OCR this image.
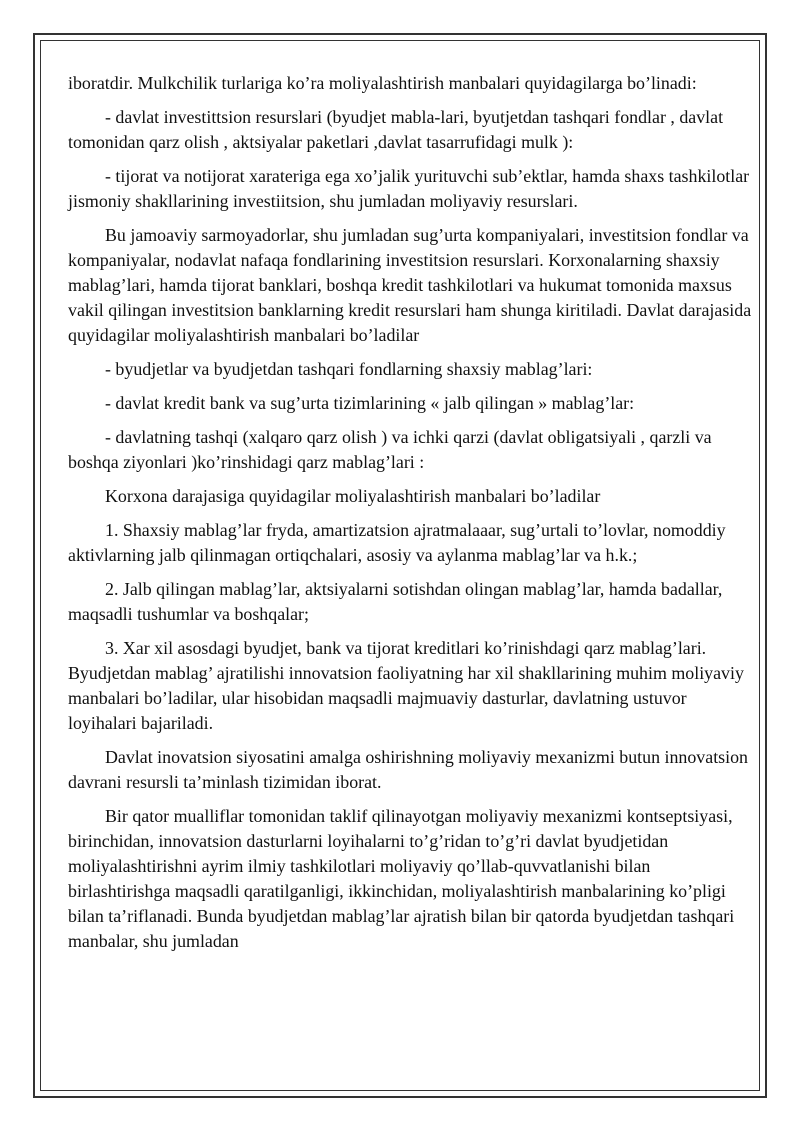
iboratdir. Mulkchilik turlariga ko’ra moliyalashtirish manbalari quyidagilarga bo’linadi:

- davlat investittsion resurslari (byudjet mabla-lari, byutjetdan tashqari fondlar , davlat tomonidan qarz olish , aktsiyalar paketlari ,davlat tasarrufidagi mulk ):

- tijorat va notijorat xarateriga ega xo’jalik yurituvchi sub’ektlar, hamda shaxs tashkilotlar jismoniy shakllarining investiitsion, shu jumladan moliyaviy resurslari.

Bu jamoaviy sarmoyadorlar, shu jumladan sug’urta kompaniyalari, investitsion fondlar va kompaniyalar, nodavlat nafaqa fondlarining investitsion resurslari. Korxonalarning shaxsiy mablag’lari, hamda tijorat banklari, boshqa kredit tashkilotlari va hukumat tomonida maxsus vakil qilingan investitsion banklarning kredit resurslari ham shunga kiritiladi. Davlat darajasida quyidagilar moliyalashtirish manbalari bo’ladilar

- byudjetlar va byudjetdan tashqari fondlarning shaxsiy mablag’lari:

- davlat kredit bank va sug’urta tizimlarining « jalb qilingan » mablag’lar:

- davlatning tashqi (xalqaro qarz olish ) va ichki qarzi (davlat obligatsiyali , qarzli va boshqa ziyonlari )ko’rinshidagi qarz mablag’lari :

Korxona darajasiga quyidagilar moliyalashtirish manbalari bo’ladilar

1. Shaxsiy mablag’lar fryda, amartizatsion ajratmalaaar, sug’urtali to’lovlar, nomoddiy aktivlarning jalb qilinmagan ortiqchalari, asosiy va aylanma mablag’lar va h.k.;

2. Jalb qilingan mablag’lar, aktsiyalarni sotishdan olingan mablag’lar, hamda badallar, maqsadli tushumlar va boshqalar;

3. Xar xil asosdagi byudjet, bank va tijorat kreditlari ko’rinishdagi qarz mablag’lari. Byudjetdan mablag’ ajratilishi innovatsion faoliyatning har xil shakllarining muhim moliyaviy manbalari bo’ladilar, ular hisobidan maqsadli majmuaviy dasturlar, davlatning ustuvor loyihalari bajariladi.

Davlat inovatsion siyosatini amalga oshirishning moliyaviy mexanizmi butun innovatsion davrani resursli ta’minlash tizimidan iborat.

Bir qator mualliflar tomonidan taklif qilinayotgan moliyaviy mexanizmi kontseptsiyasi, birinchidan, innovatsion dasturlarni loyihalarni to’g’ridan to’g’ri davlat byudjetidan moliyalashtirishni ayrim ilmiy tashkilotlari moliyaviy qo’llab-quvvatlanishi bilan birlashtirishga maqsadli qaratilganligi, ikkinchidan, moliyalashtirish manbalarining ko’pligi bilan ta’riflanadi. Bunda byudjetdan mablag’lar ajratish bilan bir qatorda byudjetdan tashqari manbalar, shu jumladan
